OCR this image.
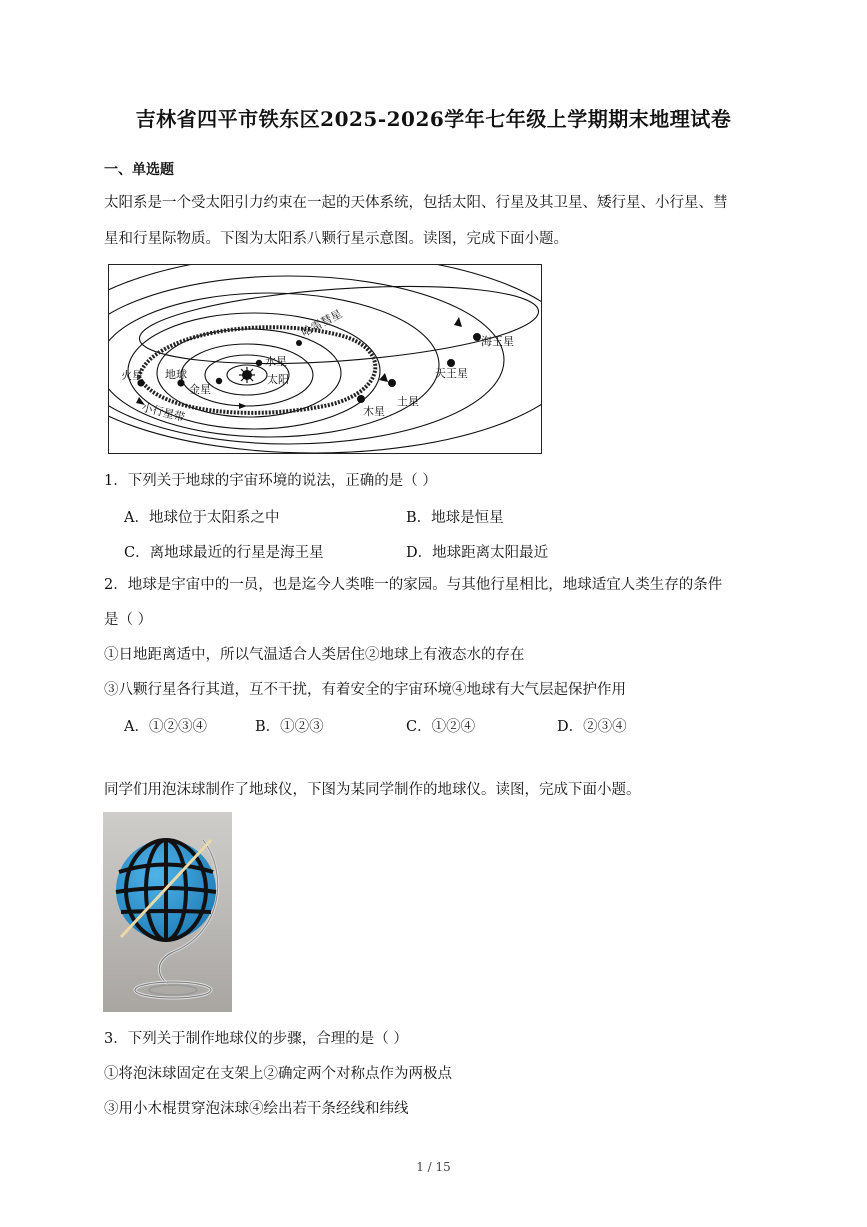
吉林省四平市铁东区2025-2026学年七年级上学期期末地理试卷
一、单选题
太阳系是一个受太阳引力约束在一起的天体系统，包括太阳、行星及其卫星、矮行星、小行星、彗
星和行星际物质。下图为太阳系八颗行星示意图。读图，完成下面小题。
哈雷彗星
海王星
水星
太阳
火星 地球
金星
天王星
土星
木星
小行星带
1．下列关于地球的宇宙环境的说法，正确的是（ ）
A．地球位于太阳系之中	B．地球是恒星
C．离地球最近的行星是海王星	D．地球距离太阳最近
2．地球是宇宙中的一员，也是迄今人类唯一的家园。与其他行星相比，地球适宜人类生存的条件
是（ ）
①日地距离适中，所以气温适合人类居住②地球上有液态水的存在
③八颗行星各行其道，互不干扰，有着安全的宇宙环境④地球有大气层起保护作用
A．①②③④	B．①②③	C．①②④	D．②③④
同学们用泡沫球制作了地球仪，下图为某同学制作的地球仪。读图，完成下面小题。
3．下列关于制作地球仪的步骤，合理的是（ ）
①将泡沫球固定在支架上②确定两个对称点作为两极点
③用小木棍贯穿泡沫球④绘出若干条经线和纬线
1 / 15
